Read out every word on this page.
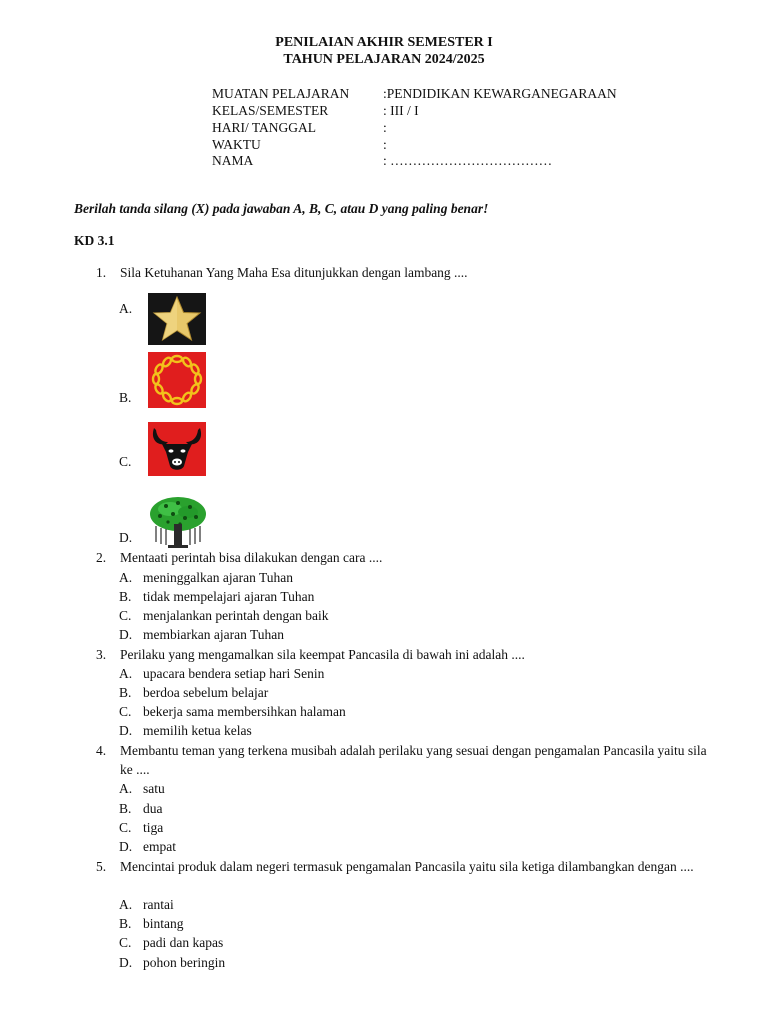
PENILAIAN AKHIR SEMESTER I
TAHUN PELAJARAN 2024/2025
MUATAN PELAJARAN :PENDIDIKAN KEWARGANEGARAAN
KELAS/SEMESTER	: III / I
HARI/ TANGGAL	:
WAKTU	:
NAMA	: ………………………………
Berilah tanda silang (X) pada jawaban A, B, C, atau D yang paling benar!
KD 3.1
1. Sila Ketuhanan Yang Maha Esa ditunjukkan dengan lambang ....
A.
B.
C.
D.
2. Mentaati perintah bisa dilakukan dengan cara ....
A. meninggalkan ajaran Tuhan
B. tidak mempelajari ajaran Tuhan
C. menjalankan perintah dengan baik
D. membiarkan ajaran Tuhan
3. Perilaku yang mengamalkan sila keempat Pancasila di bawah ini adalah ....
A. upacara bendera setiap hari Senin
B. berdoa sebelum belajar
C. bekerja sama membersihkan halaman
D. memilih ketua kelas
4. Membantu teman yang terkena musibah adalah perilaku yang sesuai dengan pengamalan Pancasila yaitu sila ke ....
A. satu
B. dua
C. tiga
D. empat
5. Mencintai produk dalam negeri termasuk pengamalan Pancasila yaitu sila ketiga dilambangkan dengan ....
A. rantai
B. bintang
C. padi dan kapas
D. pohon beringin
